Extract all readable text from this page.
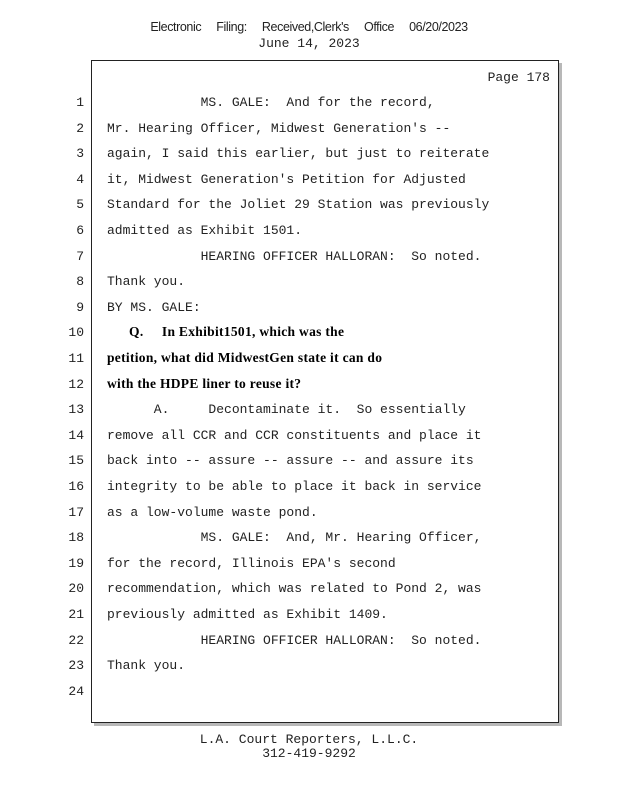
Electronic Filing: Received,Clerk's Office 06/20/2023
June 14, 2023
Page 178
1 MS. GALE:  And for the record,
2 Mr. Hearing Officer, Midwest Generation's --
3 again, I said this earlier, but just to reiterate
4 it, Midwest Generation's Petition for Adjusted
5 Standard for the Joliet 29 Station was previously
6 admitted as Exhibit 1501.
7 HEARING OFFICER HALLORAN:  So noted.
8 Thank you.
9 BY MS. GALE:
10 Q.     In Exhibit1501, which was the
11 petition, what did MidwestGen state it can do
12 with the HDPE liner to reuse it?
13 A.     Decontaminate it.  So essentially
14 remove all CCR and CCR constituents and place it
15 back into -- assure -- assure -- and assure its
16 integrity to be able to place it back in service
17 as a low-volume waste pond.
18 MS. GALE:  And, Mr. Hearing Officer,
19 for the record, Illinois EPA's second
20 recommendation, which was related to Pond 2, was
21 previously admitted as Exhibit 1409.
22 HEARING OFFICER HALLORAN:  So noted.
23 Thank you.
24
L.A. Court Reporters, L.L.C.
312-419-9292
